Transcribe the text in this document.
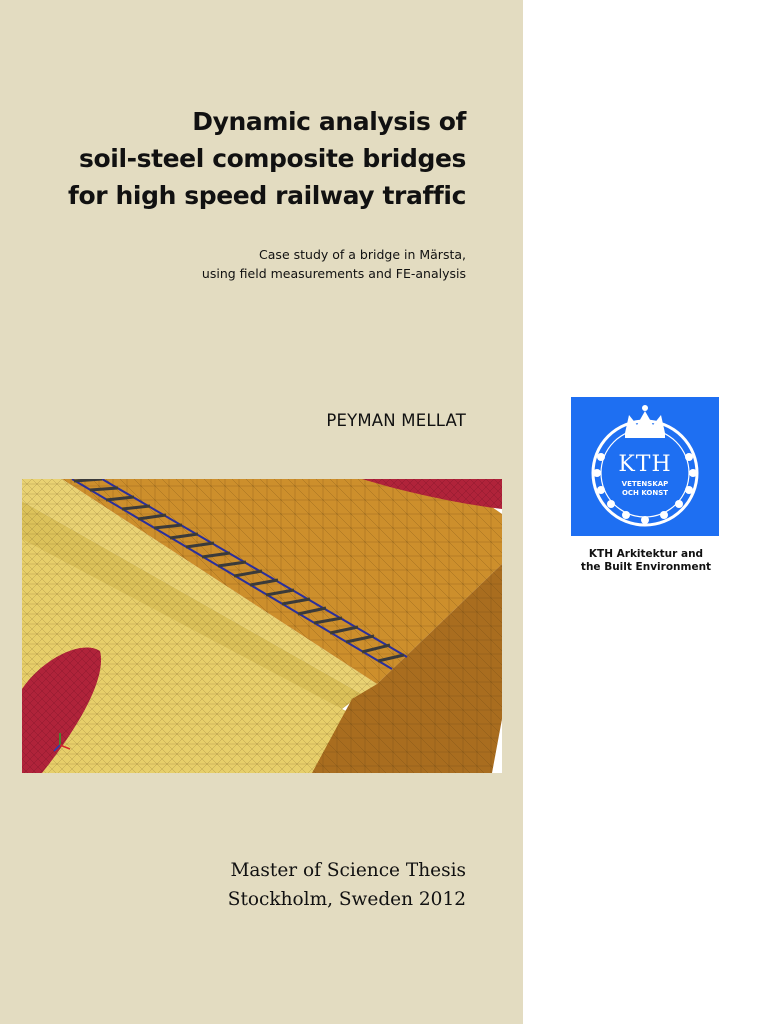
Dynamic analysis of
soil-steel composite bridges
for high speed railway traffic
Case study of a bridge in Märsta,
using field measurements and FE-analysis
PEYMAN MELLAT
Master of Science Thesis
Stockholm, Sweden 2012
KTH
VETENSKAP
OCH KONST
KTH Arkitektur and
the Built Environment
